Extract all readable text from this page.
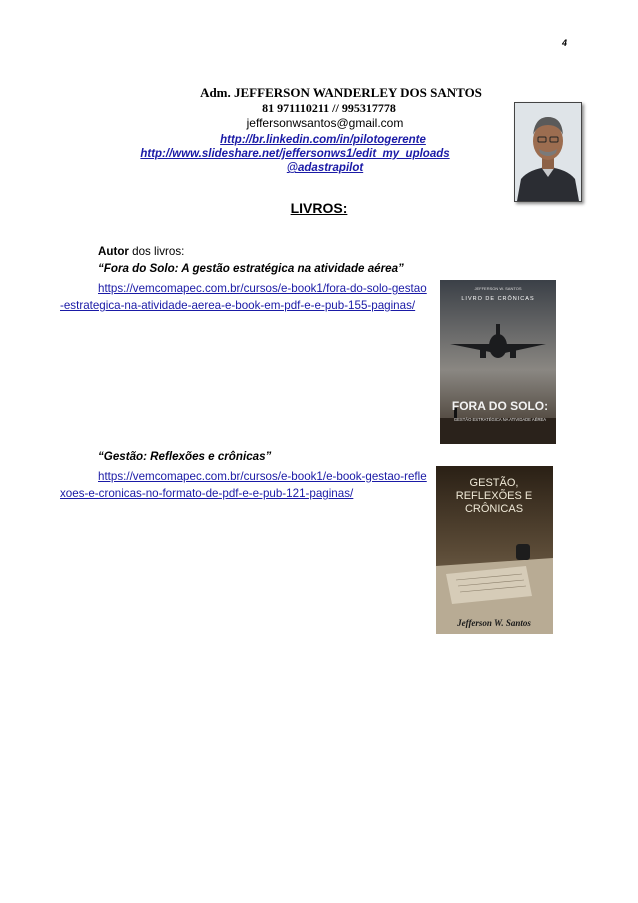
4
Adm. JEFFERSON WANDERLEY DOS SANTOS
81 971110211 // 995317778
jeffersonwsantos@gmail.com
http://br.linkedin.com/in/pilotogerente
http://www.slideshare.net/jeffersonws1/edit_my_uploads
@adastrapilot
LIVROS:
Autor dos livros:
“Fora do Solo: A gestão estratégica na atividade aérea”
https://vemcomapec.com.br/cursos/e-book1/fora-do-solo-gestao-estrategica-na-atividade-aerea-e-book-em-pdf-e-e-pub-155-paginas/
JEFFERSON W. SANTOS
LIVRO DE CRÔNICAS
FORA DO SOLO:
GESTÃO ESTRATÉGICA NA ATIVIDADE AÉREA
“Gestão: Reflexões e crônicas”
https://vemcomapec.com.br/cursos/e-book1/e-book-gestao-reflexoes-e-cronicas-no-formato-de-pdf-e-e-pub-121-paginas/
GESTÃO,
REFLEXÕES E
CRÔNICAS
Jefferson W. Santos
